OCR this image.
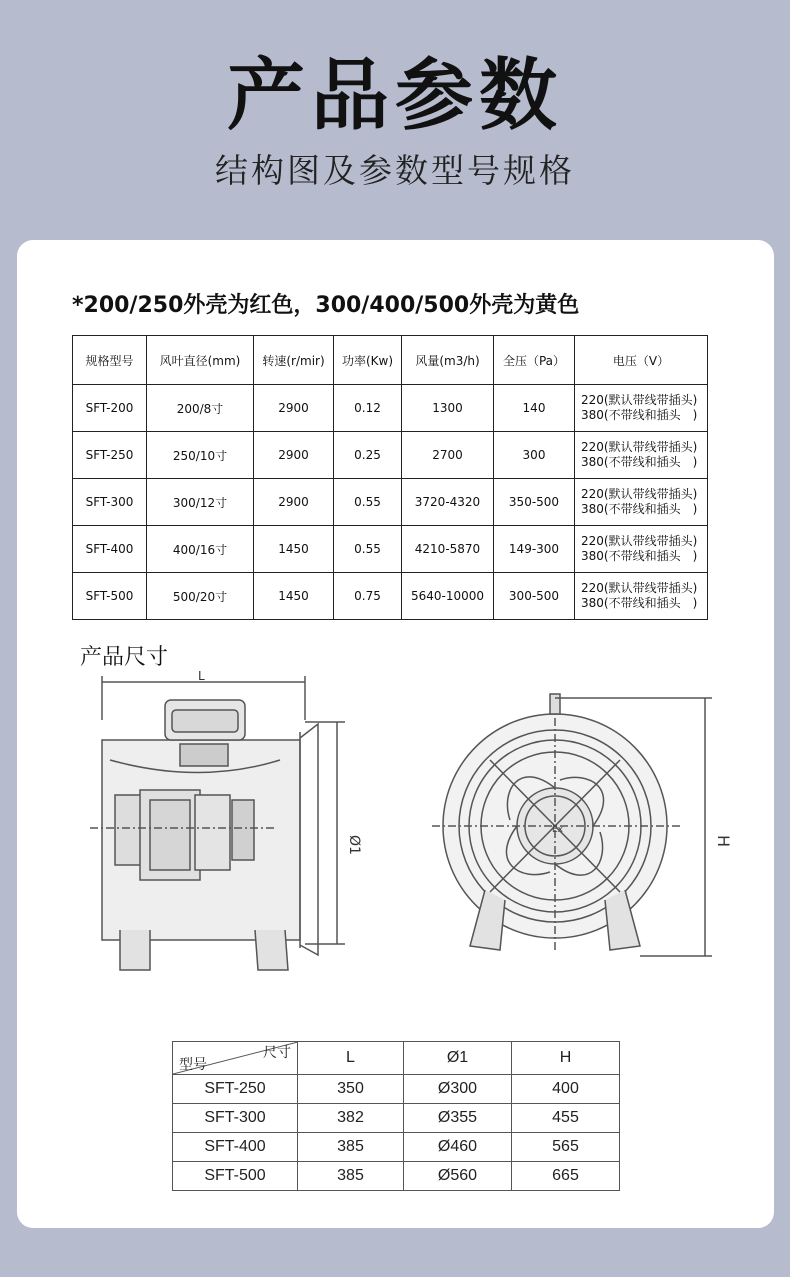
产品参数
结构图及参数型号规格
*200/250外壳为红色，300/400/500外壳为黄色
规格型号	风叶直径(mm)	转速(r/mir)	功率(Kw)	风量(m3/h)	全压（Pa）	电压（V）
SFT-200	200/8寸	2900	0.12	1300	140	220(默认带线带插头)
380(不带线和插头　)
SFT-250	250/10寸	2900	0.25	2700	300	220(默认带线带插头)
380(不带线和插头　)
SFT-300	300/12寸	2900	0.55	3720-4320	350-500	220(默认带线带插头)
380(不带线和插头　)
SFT-400	400/16寸	1450	0.55	4210-5870	149-300	220(默认带线带插头)
380(不带线和插头　)
SFT-500	500/20寸	1450	0.75	5640-10000	300-500	220(默认带线带插头)
380(不带线和插头　)
产品尺寸
L
Ø1
Ex
H
尺寸
型号	L	Ø1	H
SFT-250	350	Ø300	400
SFT-300	382	Ø355	455
SFT-400	385	Ø460	565
SFT-500	385	Ø560	665
